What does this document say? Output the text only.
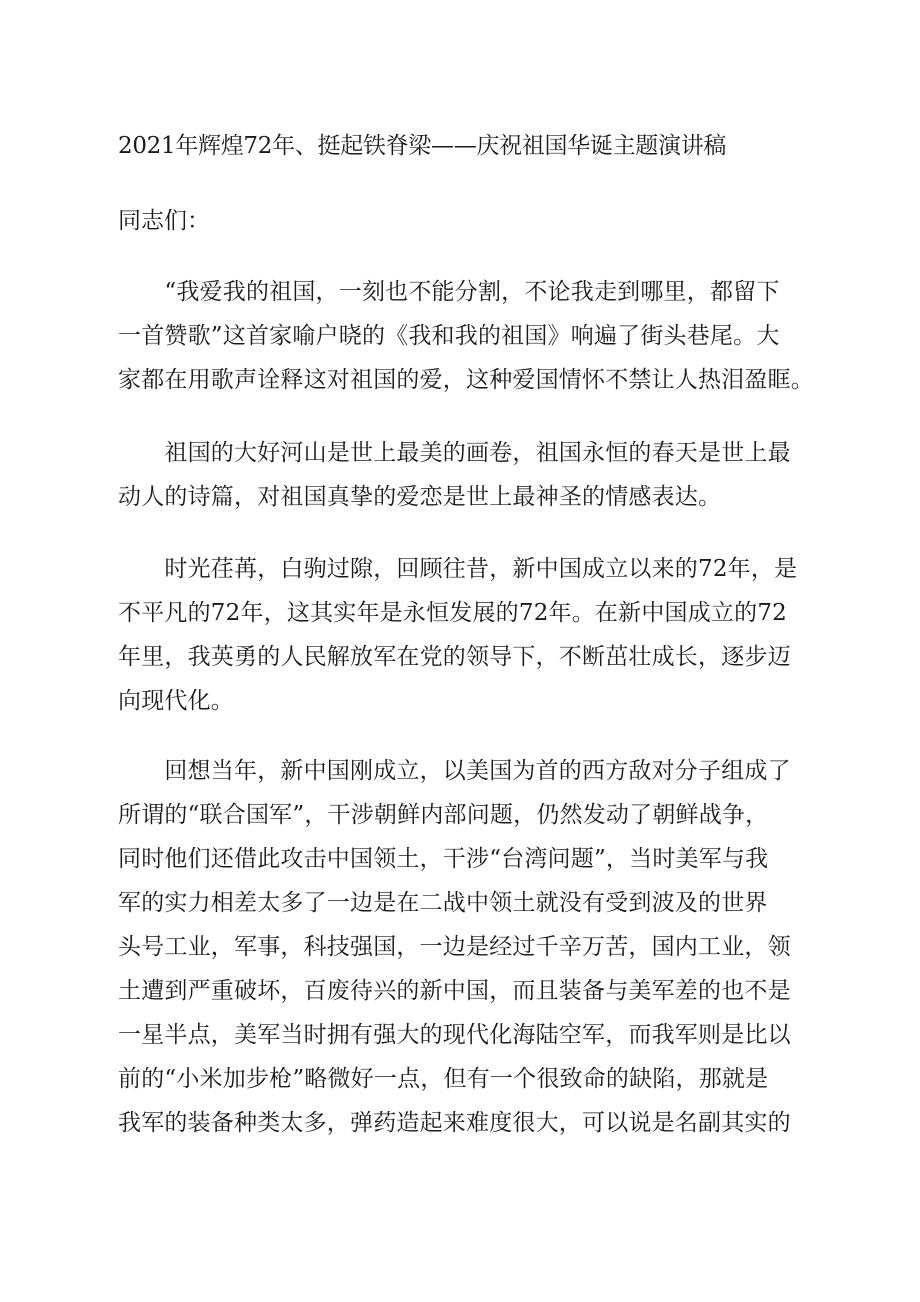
2021年辉煌72年、挺起铁脊梁——庆祝祖国华诞主题演讲稿
同志们：
　　“我爱我的祖国，一刻也不能分割，不论我走到哪里，都留下
一首赞歌”这首家喻户晓的《我和我的祖国》响遍了街头巷尾。大
家都在用歌声诠释这对祖国的爱，这种爱国情怀不禁让人热泪盈眶。
　　祖国的大好河山是世上最美的画卷，祖国永恒的春天是世上最
动人的诗篇，对祖国真挚的爱恋是世上最神圣的情感表达。
　　时光荏苒，白驹过隙，回顾往昔，新中国成立以来的72年，是
不平凡的72年，这其实年是永恒发展的72年。在新中国成立的72
年里，我英勇的人民解放军在党的领导下，不断茁壮成长，逐步迈
向现代化。
　　回想当年，新中国刚成立，以美国为首的西方敌对分子组成了
所谓的“联合国军”，干涉朝鲜内部问题，仍然发动了朝鲜战争，
同时他们还借此攻击中国领土，干涉“台湾问题”，当时美军与我
军的实力相差太多了一边是在二战中领土就没有受到波及的世界
头号工业，军事，科技强国，一边是经过千辛万苦，国内工业，领
土遭到严重破坏，百废待兴的新中国，而且装备与美军差的也不是
一星半点，美军当时拥有强大的现代化海陆空军，而我军则是比以
前的“小米加步枪”略微好一点，但有一个很致命的缺陷，那就是
我军的装备种类太多，弹药造起来难度很大，可以说是名副其实的
